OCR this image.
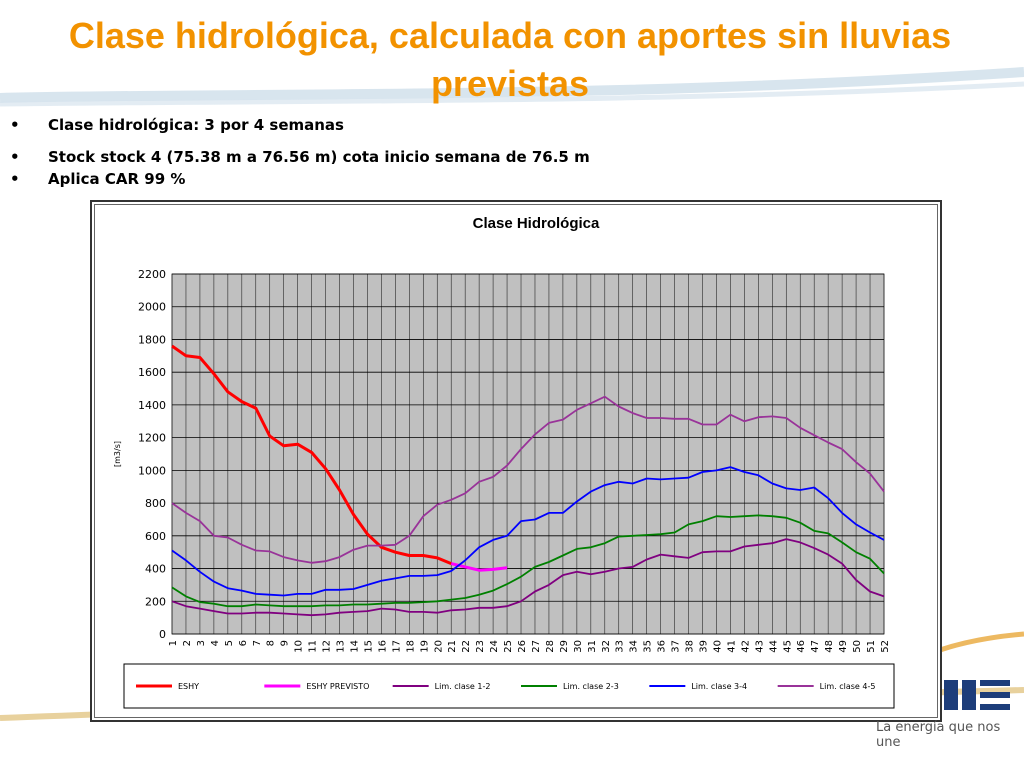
Clase hidrológica, calculada con aportes sin lluvias previstas
• Clase hidrológica: 3 por 4 semanas
• Stock stock 4 (75.38 m a 76.56 m) cota inicio semana de 76.5 m
• Aplica CAR 99 %
Clase Hidrológica
0
200
400
600
800
1000
1200
1400
1600
1800
2000
2200
1 2 3 4 5 6 7 8 9 10 11 12 13 14 15 16 17 18 19 20 21 22 23 24 25 26 27 28 29 30 31 32 33 34 35 36 37 38 39 40 41 42 43 44 45 46 47 48 49 50 51 52
[m3/s]
ESHY	ESHY PREVISTO	Lim. clase 1-2	Lim. clase 2-3	Lim. clase 3-4	Lim. clase 4-5
La energía que nos une
